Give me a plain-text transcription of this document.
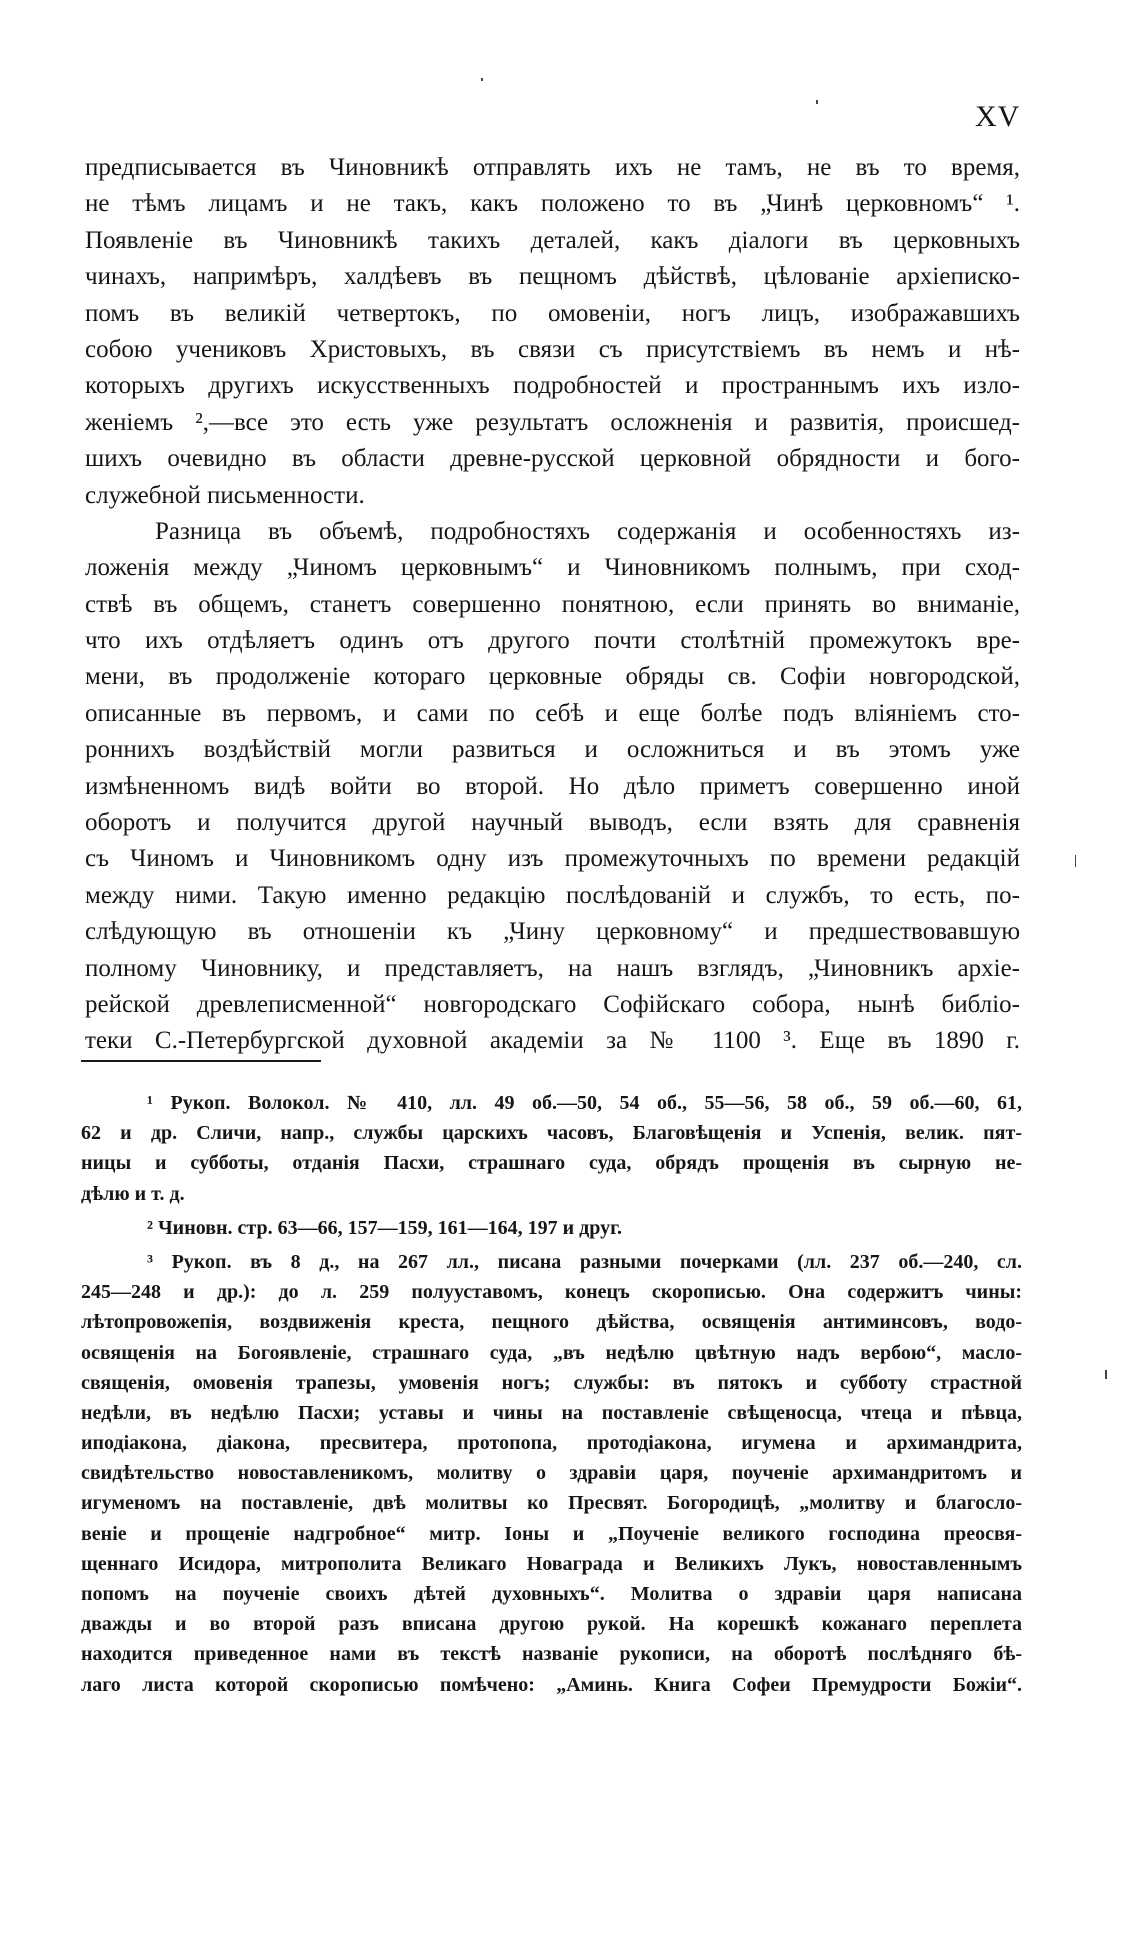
XV
предписывается въ Чиновникѣ отправлять ихъ не тамъ, не въ то время,
не тѣмъ лицамъ и не такъ, какъ положено то въ „Чинѣ церковномъ“ ¹.
Появленіе въ Чиновникѣ такихъ деталей, какъ діалоги въ церковныхъ
чинахъ, напримѣръ, халдѣевъ въ пещномъ дѣйствѣ, цѣлованіе архіеписко-
помъ въ великій четвертокъ, по омовеніи, ногъ лицъ, изображавшихъ
собою учениковъ Христовыхъ, въ связи съ присутствіемъ въ немъ и нѣ-
которыхъ другихъ искусственныхъ подробностей и пространнымъ ихъ изло-
женіемъ ²,—все это есть уже результатъ осложненія и развитія, происшед-
шихъ очевидно въ области древне-русской церковной обрядности и бого-
служебной письменности.
Разница въ объемѣ, подробностяхъ содержанія и особенностяхъ из-
ложенія между „Чиномъ церковнымъ“ и Чиновникомъ полнымъ, при сход-
ствѣ въ общемъ, станетъ совершенно понятною, если принять во вниманіе,
что ихъ отдѣляетъ одинъ отъ другого почти столѣтній промежутокъ вре-
мени, въ продолженіе котораго церковные обряды св. Софіи новгородской,
описанные въ первомъ, и сами по себѣ и еще болѣе подъ вліяніемъ сто-
роннихъ воздѣйствій могли развиться и осложниться и въ этомъ уже
измѣненномъ видѣ войти во второй. Но дѣло приметъ совершенно иной
оборотъ и получится другой научный выводъ, если взять для сравненія
съ Чиномъ и Чиновникомъ одну изъ промежуточныхъ по времени редакцій
между ними. Такую именно редакцію послѣдованій и службъ, то есть, по-
слѣдующую въ отношеніи къ „Чину церковному“ и предшествовавшую
полному Чиновнику, и представляетъ, на нашъ взглядъ, „Чиновникъ архіе-
рейской древлеписменной“ новгородскаго Софійскаго собора, нынѣ библіо-
теки С.-Петербургской духовной академіи за № 1100 ³. Еще въ 1890 г.
¹ Рукоп. Волокол. № 410, лл. 49 об.—50, 54 об., 55—56, 58 об., 59 об.—60, 61,
62 и др. Сличи, напр., службы царскихъ часовъ, Благовѣщенія и Успенія, велик. пят-
ницы и субботы, отданія Пасхи, страшнаго суда, обрядъ прощенія въ сырную не-
дѣлю и т. д.
² Чиновн. стр. 63—66, 157—159, 161—164, 197 и друг.
³ Рукоп. въ 8 д., на 267 лл., писана разными почерками (лл. 237 об.—240, сл.
245—248 и др.): до л. 259 полууставомъ, конецъ скорописью. Она содержитъ чины:
лѣтопровожепія, воздвиженія креста, пещного дѣйства, освященія антиминсовъ, водо-
освященія на Богоявленіе, страшнаго суда, „въ недѣлю цвѣтную надъ вербою“, масло-
священія, омовенія трапезы, умовенія ногъ; службы: въ пятокъ и субботу страстной
недѣли, въ недѣлю Пасхи; уставы и чины на поставленіе свѣщеносца, чтеца и пѣвца,
иподіакона, діакона, пресвитера, протопопа, протодіакона, игумена и архимандрита,
свидѣтельство новоставленикомъ, молитву о здравіи царя, поученіе архимандритомъ и
игуменомъ на поставленіе, двѣ молитвы ко Пресвят. Богородицѣ, „молитву и благосло-
веніе и прощеніе надгробное“ митр. Іоны и „Поученіе великого господина преосвя-
щеннаго Исидора, митрополита Великаго Новаграда и Великихъ Лукъ, новоставленнымъ
попомъ на поученіе своихъ дѣтей духовныхъ“. Молитва о здравіи царя написана
дважды и во второй разъ вписана другою рукой. На корешкѣ кожанаго переплета
находится приведенное нами въ текстѣ названіе рукописи, на оборотѣ послѣдняго бѣ-
лаго листа которой скорописью помѣчено: „Аминь. Книга Софеи Премудрости Божіи“.
